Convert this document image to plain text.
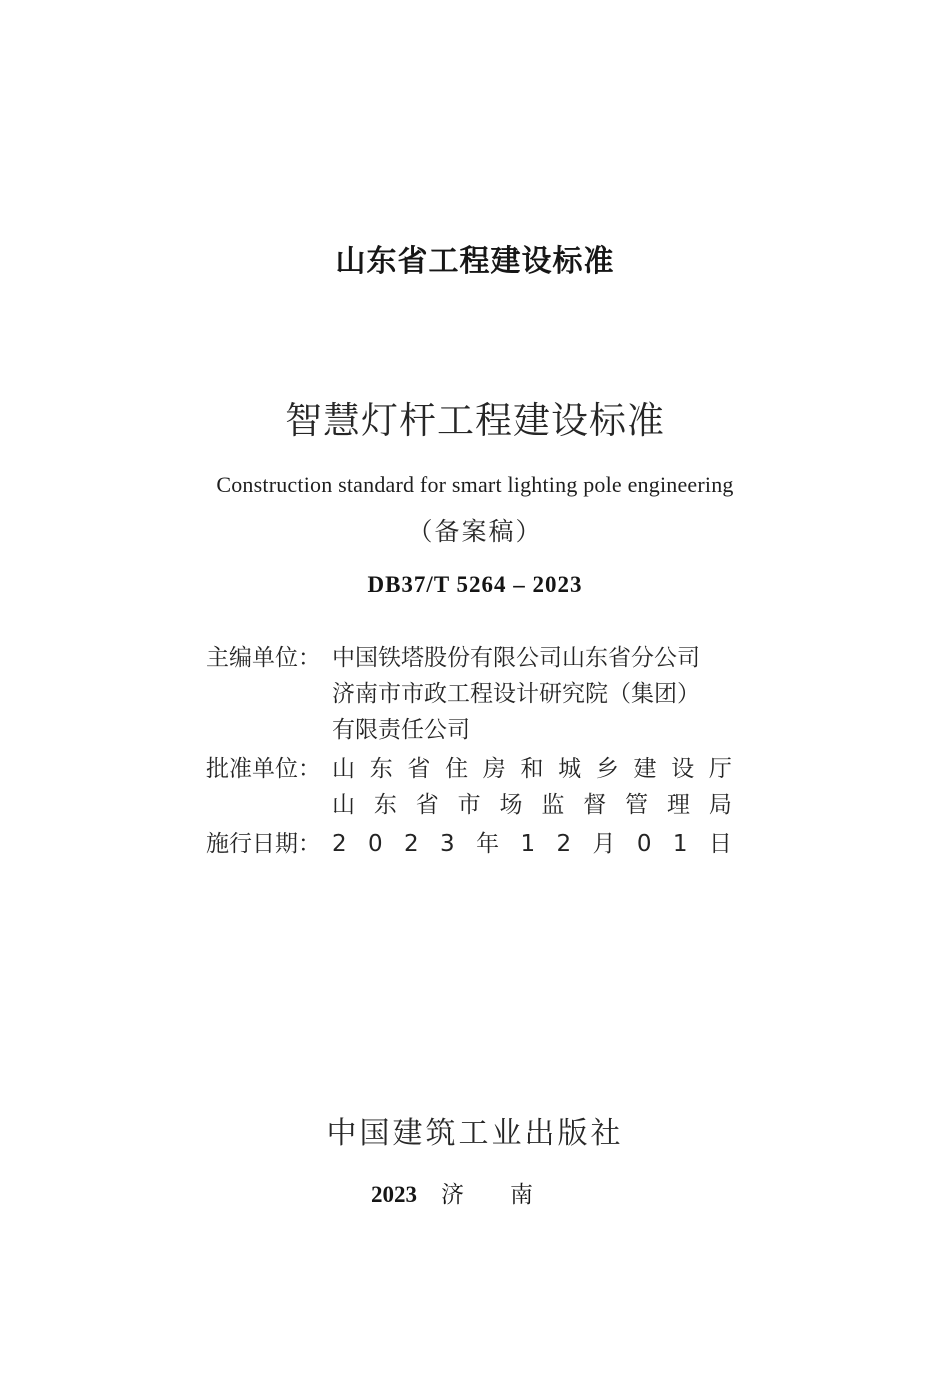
山东省工程建设标准
智慧灯杆工程建设标准
Construction standard for smart lighting pole engineering
（备案稿）
DB37/T 5264 – 2023
主编单位： 中国铁塔股份有限公司山东省分公司
济南市市政工程设计研究院（集团）
有限责任公司
批准单位： 山 东 省 住 房 和 城 乡 建 设 厅
山 东 省 市 场 监 督 管 理 局
施行日期： 2 0 2 3 年 1 2 月 0 1 日
中国建筑工业出版社
2023 济南
